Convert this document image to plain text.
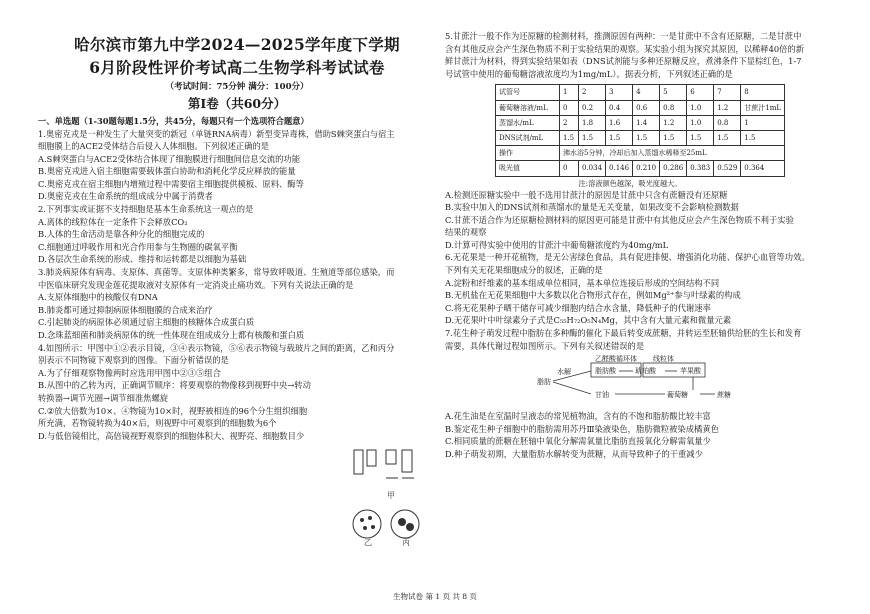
哈尔滨市第九中学2024—2025学年度下学期
6月阶段性评价考试高二生物学科考试试卷
（考试时间：75分钟 满分：100分）
第Ⅰ卷（共60分）
一、单选题（1-30题每题1.5分，共45分，每题只有一个选项符合题意）
1.奥密克戎是一种发生了大量突变的新冠（单链RNA病毒）新型变异毒株，借助S棘突蛋白与宿主
细胞膜上的ACE2受体结合后侵入人体细胞。下列叙述正确的是
A.S棘突蛋白与ACE2受体结合体现了细胞膜进行细胞间信息交流的功能
B.奥密克戎进入宿主细胞需要载体蛋白协助和消耗化学反应释放的能量
C.奥密克戎在宿主细胞内增殖过程中需要宿主细胞提供模板、原料、酶等
D.奥密克戎在生命系统的组成成分中属于消费者
2.下列事实或证据不支持细胞是基本生命系统这一观点的是
A.离体的线粒体在一定条件下会释放CO₂
B.人体的生命活动是靠各种分化的细胞完成的
C.细胞通过呼吸作用和光合作用参与生物圈的碳氧平衡
D.各层次生命系统的形成、维持和运转都是以细胞为基础
3.肺炎病原体有病毒、支原体、真菌等。支原体种类繁多，常导致呼吸道、生殖道等部位感染，而
中医临床研究发现金莲花提取液对支原体有一定消炎止痛功效。下列有关说法正确的是
A.支原体细胞中的核酸仅有DNA
B.肺炎都可通过抑制病原体细胞膜的合成来治疗
C.引起肺炎的病原体必须通过宿主细胞的核糖体合成蛋白质
D.念珠蓝细菌和肺炎病原体的统一性体现在组成成分上都有核酸和蛋白质
4.如图所示：甲图中①②表示目镜，③④表示物镜，⑤⑥表示物镜与载玻片之间的距离，乙和丙分
别表示不同物镜下观察到的图像。下面分析错误的是
A.为了仔细观察物像两时应选用甲图中②③⑤组合
B.从图中的乙转为丙，正确调节顺序：将要观察的物像移到视野中央→转动
转换器→调节光圈→调节细准焦螺旋
C.②放大倍数为10×、④物镜为10×时，视野被相连的96个分生组织细胞
所充满，若物镜转换为40×后，则视野中可观察到的细胞数为6个
D.与低倍镜相比，高倍镜视野观察到的细胞体积大、视野亮、细胞数目少
甲
乙	丙
5.甘蔗汁一般不作为还原糖的检测材料，推测原因有两种：一是甘蔗中不含有还原糖，二是甘蔗中
含有其他反应会产生深色物质不利于实验结果的观察。某实验小组为探究其原因，以稀释40倍的新
鲜甘蔗汁为材料，得到实验结果如表（DNS试剂能与多种还原糖反应，煮沸条件下显棕红色，1-7
号试管中使用的葡萄糖溶液浓度均为1mg/mL）。据表分析，下列叙述正确的是
试管号	1	2	3	4	5	6	7	8
葡萄糖溶液/mL	0	0.2	0.4	0.6	0.8	1.0	1.2	甘蔗汁1mL
蒸馏水/mL	2	1.8	1.6	1.4	1.2	1.0	0.8	1
DNS试剂/mL	1.5	1.5	1.5	1.5	1.5	1.5	1.5	1.5
操作	沸水浴5分钟，冷却后加入蒸馏水稀释至25mL							
吸光值	0	0.034	0.146	0.210	0.286	0.383	0.529	0.364
注:溶液颜色越深，吸光度越大。
A.检测还原糖实验中一般不选用甘蔗汁的原因是甘蔗中只含有蔗糖没有还原糖
B.实验中加入的DNS试剂和蒸馏水的量是无关变量，如果改变不会影响检测数据
C.甘蔗不适合作为还原糖检测材料的原因更可能是甘蔗中有其他反应会产生深色物质不利于实验
结果的观察
D.计算可得实验中使用的甘蔗汁中葡萄糖浓度约为40mg/mL
6.无花果是一种开花植物，是无公害绿色食品，具有促进排便、增强消化功能、保护心血管等功效。
下列有关无花果细胞成分的叙述，正确的是
A.淀粉和纤维素的基本组成单位相同，基本单位连接后形成的空间结构不同
B.无机盐在无花果细胞中大多数以化合物形式存在，例如Mg²⁺参与叶绿素的构成
C.将无花果种子晒干储存可减少细胞内结合水含量，降低种子的代谢速率
D.无花果叶中叶绿素分子式是C₅₅H₇₂O₅N₄Mg，其中含有大量元素和微量元素
7.花生种子萌发过程中脂肪在多种酶的催化下最后转变成蔗糖，并转运至胚轴供给胚的生长和发育
需要，具体代谢过程如图所示。下列有关叙述错误的是
乙醛酸循环体 线粒体
脂肪
水解	脂肪酸	琥珀酸	苹果酸
甘油	葡萄糖	蔗糖
A.花生油是在室温时呈液态的常见植物油，含有的不饱和脂肪酸比较丰富
B.鉴定花生种子细胞中的脂肪需用苏丹Ⅲ染液染色，脂肪微粒被染成橘黄色
C.相同质量的蔗糖在胚轴中氧化分解需氧量比脂肪直接氧化分解需氧量少
D.种子萌发初期，大量脂肪水解转变为蔗糖，从而导致种子的干重减少
生物试卷 第 1 页 共 8 页
